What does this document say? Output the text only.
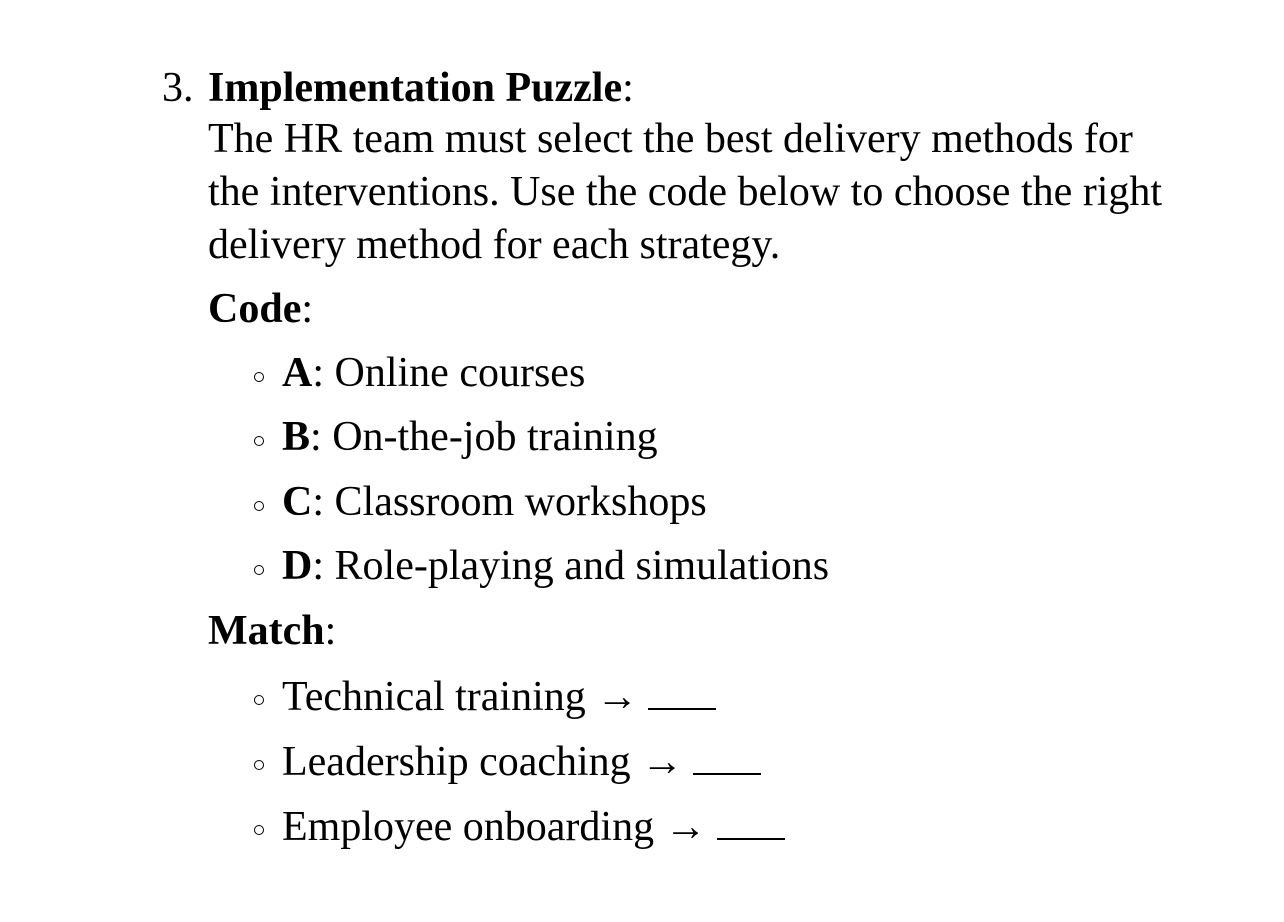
3. Implementation Puzzle:
The HR team must select the best delivery methods for
the interventions. Use the code below to choose the right
delivery method for each strategy.
Code:
A: Online courses
B: On-the-job training
C: Classroom workshops
D: Role-playing and simulations
Match:
Technical training →
Leadership coaching →
Employee onboarding →
